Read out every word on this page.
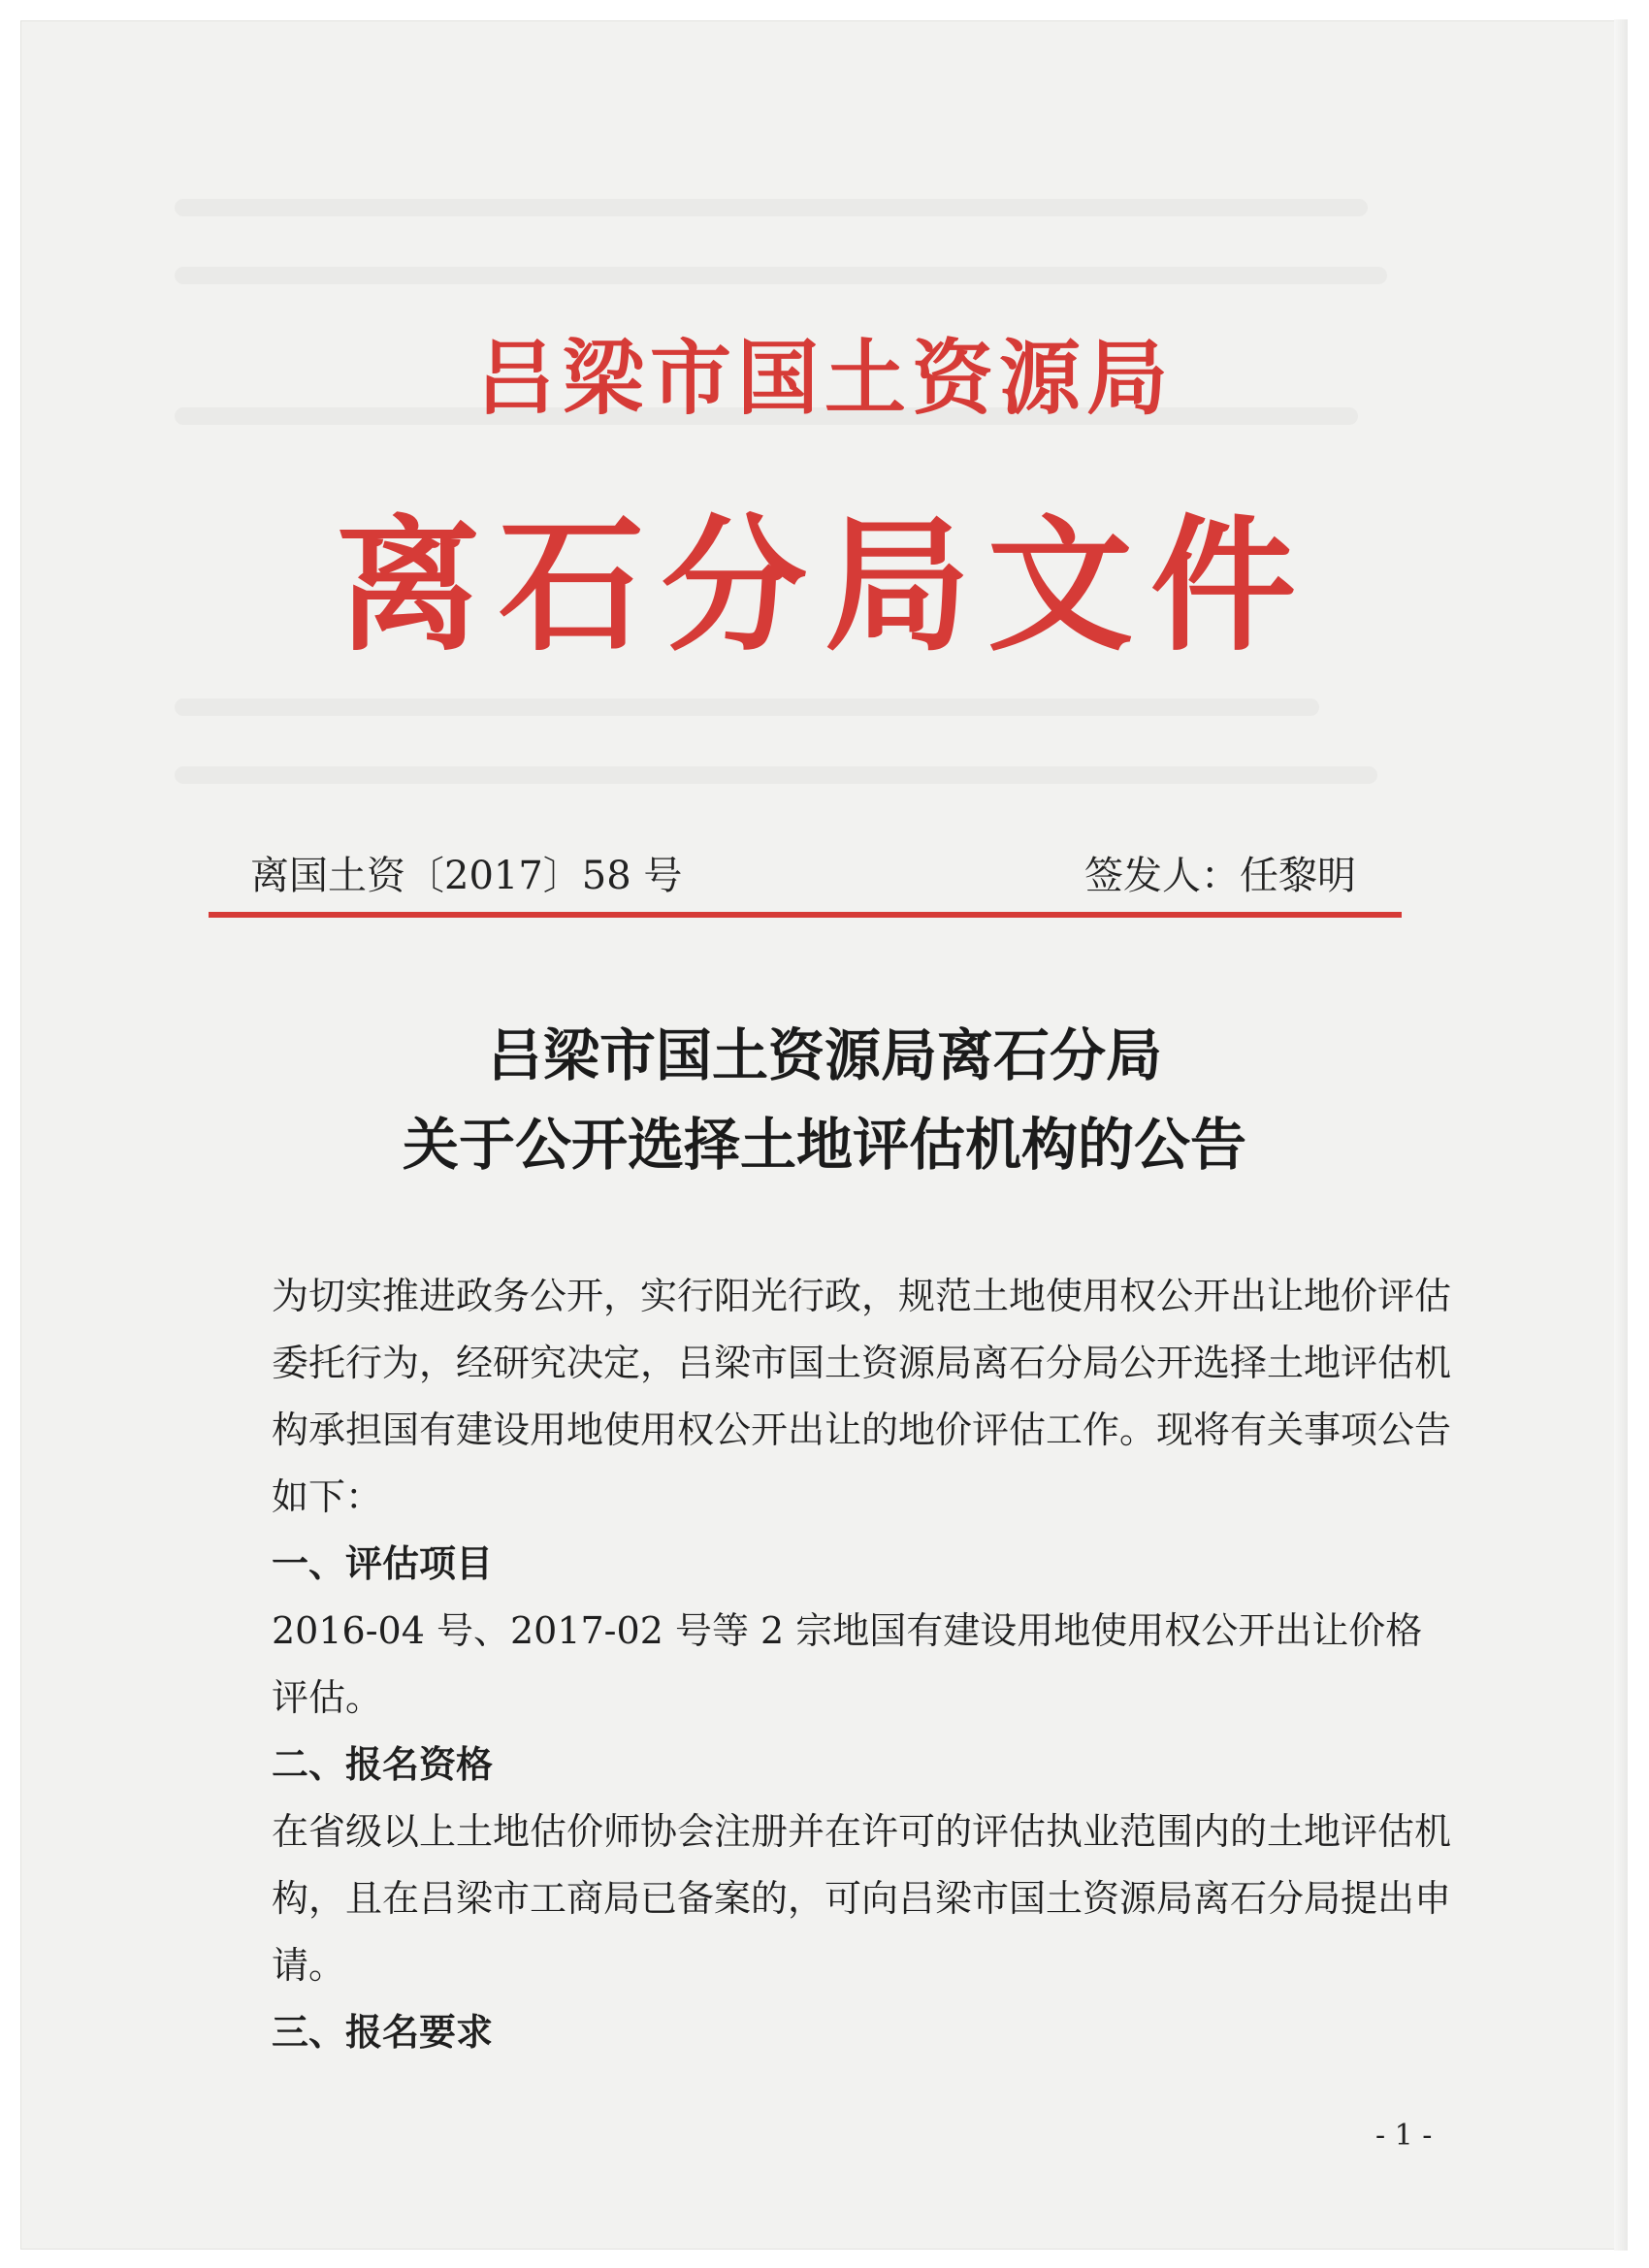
吕梁市国土资源局
离石分局文件
离国土资〔2017〕58 号	签发人：任黎明
吕梁市国土资源局离石分局
关于公开选择土地评估机构的公告

为切实推进政务公开，实行阳光行政，规范土地使用权公开出让地价评估委托行为，经研究决定，吕梁市国土资源局离石分局公开选择土地评估机构承担国有建设用地使用权公开出让的地价评估工作。现将有关事项公告如下：

一、评估项目

2016-04 号、2017-02 号等 2 宗地国有建设用地使用权公开出让价格评估。

二、报名资格

在省级以上土地估价师协会注册并在许可的评估执业范围内的土地评估机构，且在吕梁市工商局已备案的，可向吕梁市国土资源局离石分局提出申请。

三、报名要求

- 1 -
